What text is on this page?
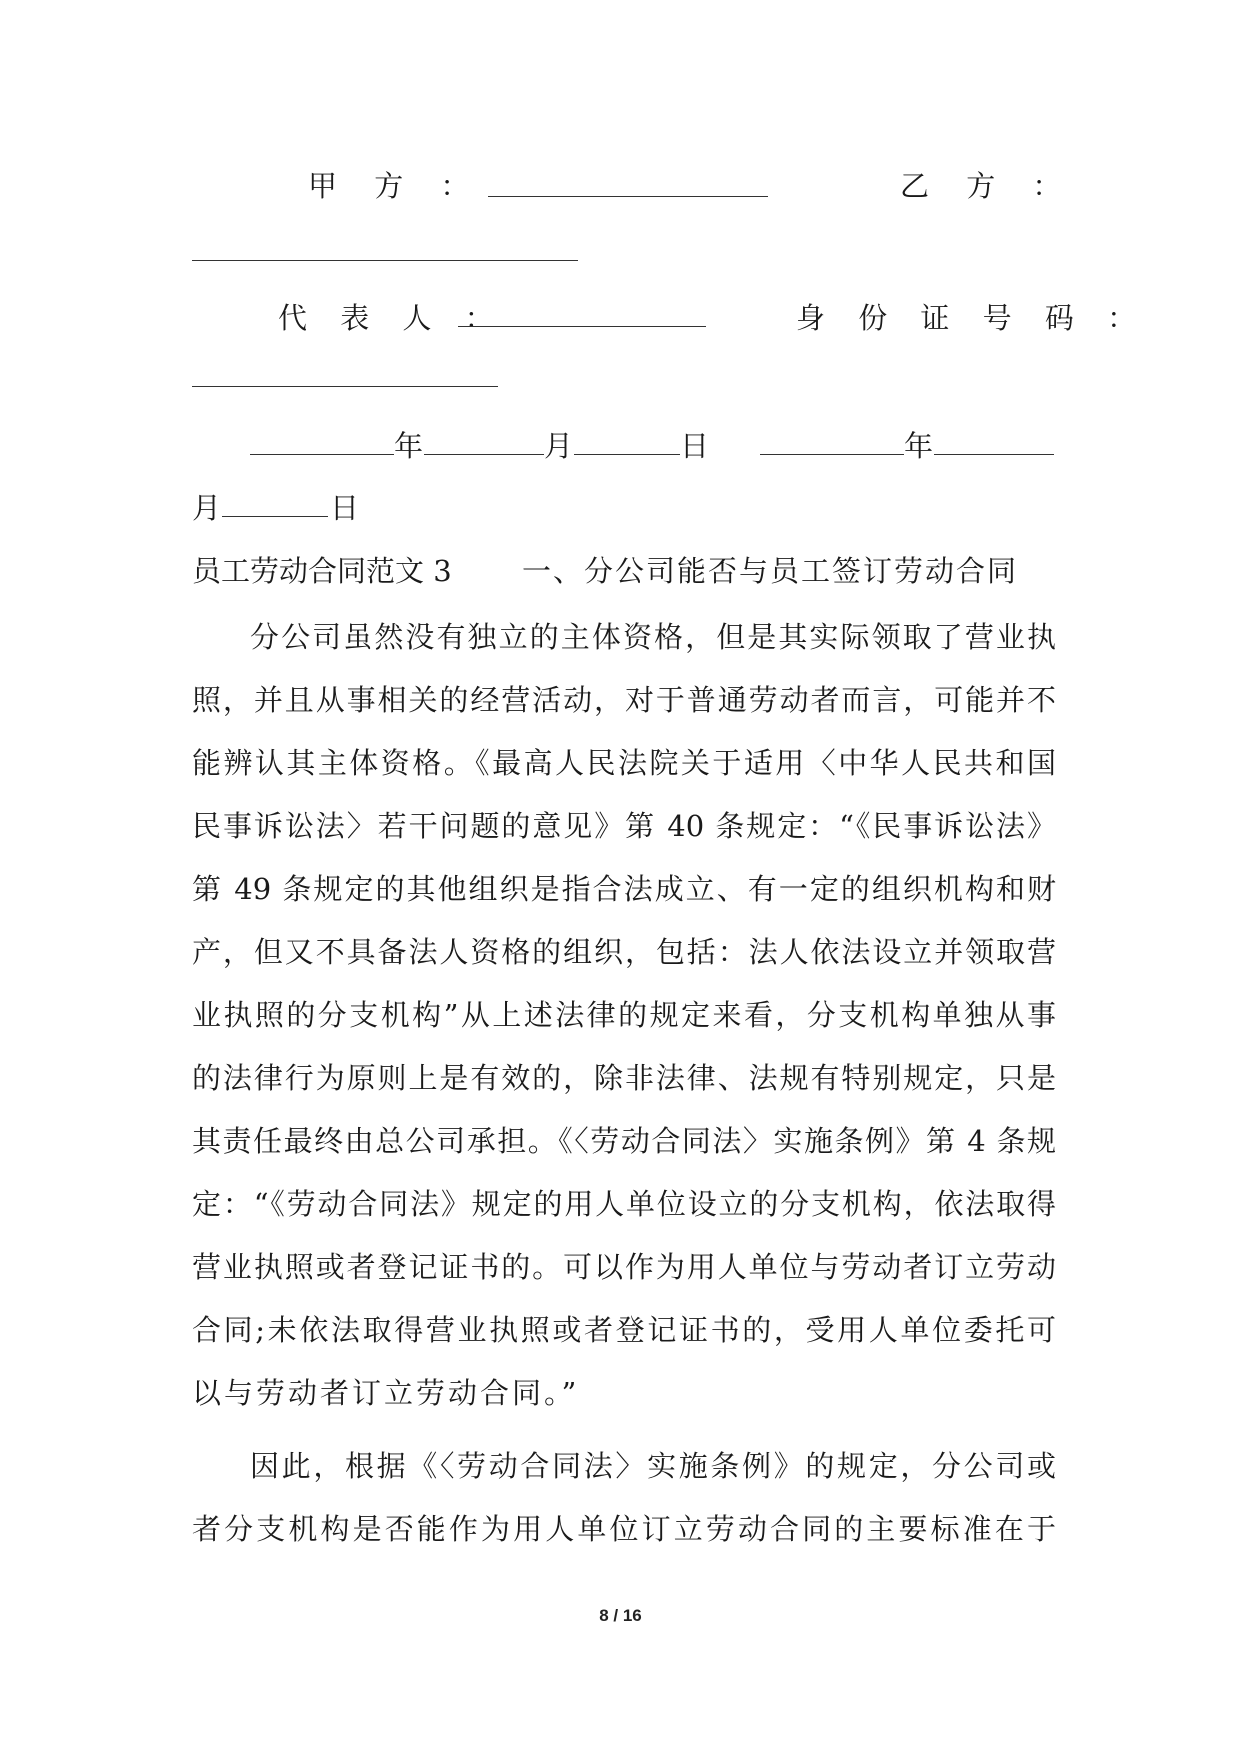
甲 方 ：	乙 方 ：
代 表 人 ：	身 份 证 号 码 ：
年	月	日	年
月	日
员工劳动合同范文 3 一、分公司能否与员工签订劳动合同
分公司虽然没有独立的主体资格，但是其实际领取了营业执
照，并且从事相关的经营活动，对于普通劳动者而言，可能并不
能辨认其主体资格。《最高人民法院关于适用〈中华人民共和国
民事诉讼法〉若干问题的意见》第 40 条规定：“《民事诉讼法》
第 49 条规定的其他组织是指合法成立、有一定的组织机构和财
产，但又不具备法人资格的组织，包括：法人依法设立并领取营
业执照的分支机构”从上述法律的规定来看，分支机构单独从事
的法律行为原则上是有效的，除非法律、法规有特别规定，只是
其责任最终由总公司承担。《〈劳动合同法〉实施条例》第 4 条规
定：“《劳动合同法》规定的用人单位设立的分支机构，依法取得
营业执照或者登记证书的。可以作为用人单位与劳动者订立劳动
合同;未依法取得营业执照或者登记证书的，受用人单位委托可
以与劳动者订立劳动合同。”
因此，根据《〈劳动合同法〉实施条例》的规定，分公司或
者分支机构是否能作为用人单位订立劳动合同的主要标准在于
8 / 16
